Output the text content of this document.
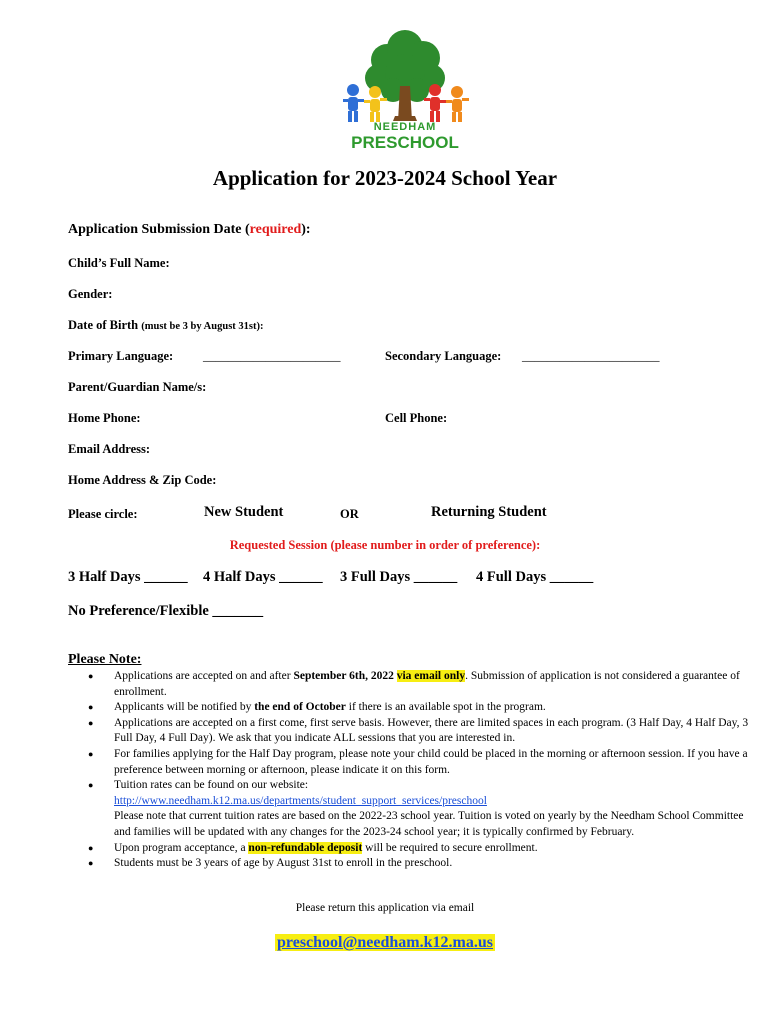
NEEDHAM
PRESCHOOL
Application for 2023-2024 School Year
Application Submission Date (required):
Child’s Full Name:
Gender:
Date of Birth (must be 3 by August 31st):
Primary Language: ______________________	Secondary Language: ______________________
Parent/Guardian Name/s:
Home Phone:	Cell Phone:
Email Address:
Home Address & Zip Code:
Please circle:	New Student	OR	Returning Student
Requested Session (please number in order of preference):
3 Half Days ______ 4 Half Days ______ 3 Full Days ______ 4 Full Days ______
No Preference/Flexible _______
Please Note:
● Applications are accepted on and after September 6th, 2022 via email only. Submission of application is not considered a guarantee of enrollment.
● Applicants will be notified by the end of October if there is an available spot in the program.
● Applications are accepted on a first come, first serve basis. However, there are limited spaces in each program. (3 Half Day, 4 Half Day, 3 Full Day, 4 Full Day). We ask that you indicate ALL sessions that you are interested in.
● For families applying for the Half Day program, please note your child could be placed in the morning or afternoon session. If you have a preference between morning or afternoon, please indicate it on this form.
● Tuition rates can be found on our website:
http://www.needham.k12.ma.us/departments/student_support_services/preschool
Please note that current tuition rates are based on the 2022-23 school year. Tuition is voted on yearly by the Needham School Committee and families will be updated with any changes for the 2023-24 school year; it is typically confirmed by February.
● Upon program acceptance, a non-refundable deposit will be required to secure enrollment.
● Students must be 3 years of age by August 31st to enroll in the preschool.
Please return this application via email
preschool@needham.k12.ma.us
